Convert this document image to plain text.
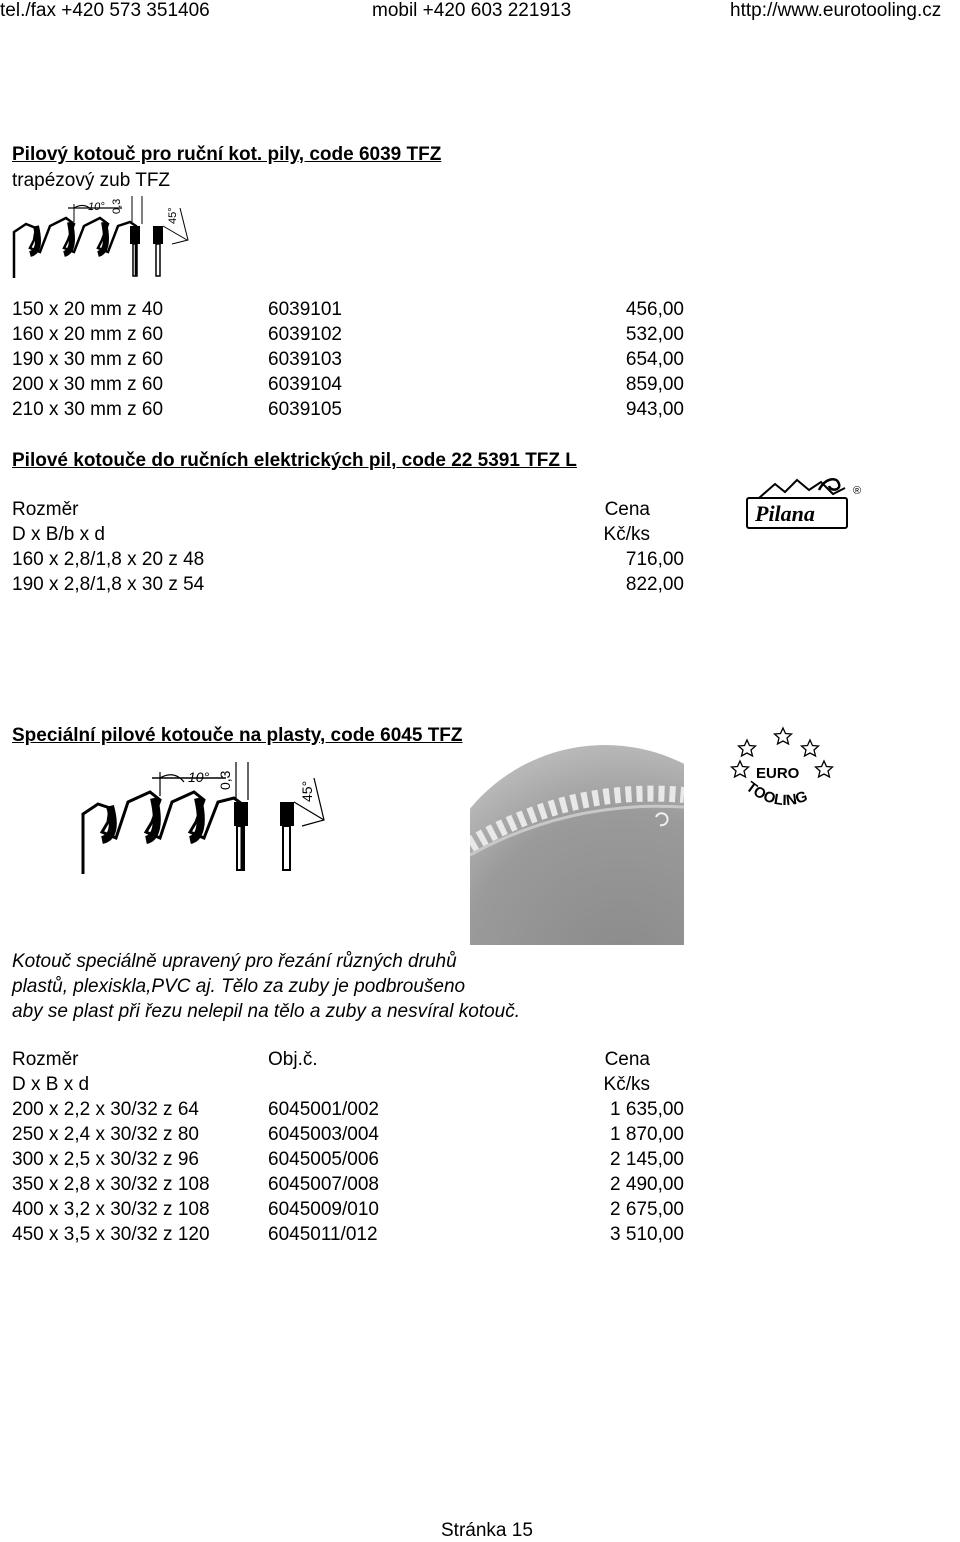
tel./fax +420 573 351406	mobil +420 603 221913	http://www.eurotooling.cz
Pilový kotouč pro ruční kot. pily, code 6039 TFZ
trapézový zub TFZ
10° 0,3
45°
150 x 20 mm z 40	6039101	456,00
160 x 20 mm z 60	6039102	532,00
190 x 30 mm z 60	6039103	654,00
200 x 30 mm z 60	6039104	859,00
210 x 30 mm z 60	6039105	943,00
Pilové kotouče do ručních elektrických pil, code 22 5391 TFZ L
Rozměr
D x B/b x d
Cena
Kč/ks
160 x 2,8/1,8 x 20 z 48	716,00
190 x 2,8/1,8 x 30 z 54	822,00
Pilana
®
Speciální pilové kotouče na plasty, code 6045 TFZ
10° 0,3
45°
EURO
TOOLING
Kotouč speciálně upravený pro řezání různých druhů
plastů, plexiskla,PVC aj. Tělo za zuby je podbroušeno
aby se plast při řezu nelepil na tělo a zuby a nesvíral kotouč.
Rozměr
D x B x d
Obj.č.	Cena
Kč/ks
200 x 2,2 x 30/32 z 64	6045001/002	1 635,00
250 x 2,4 x 30/32 z 80	6045003/004	1 870,00
300 x 2,5 x 30/32 z 96	6045005/006	2 145,00
350 x 2,8 x 30/32 z 108	6045007/008	2 490,00
400 x 3,2 x 30/32 z 108	6045009/010	2 675,00
450 x 3,5 x 30/32 z 120	6045011/012	3 510,00
Stránka 15
